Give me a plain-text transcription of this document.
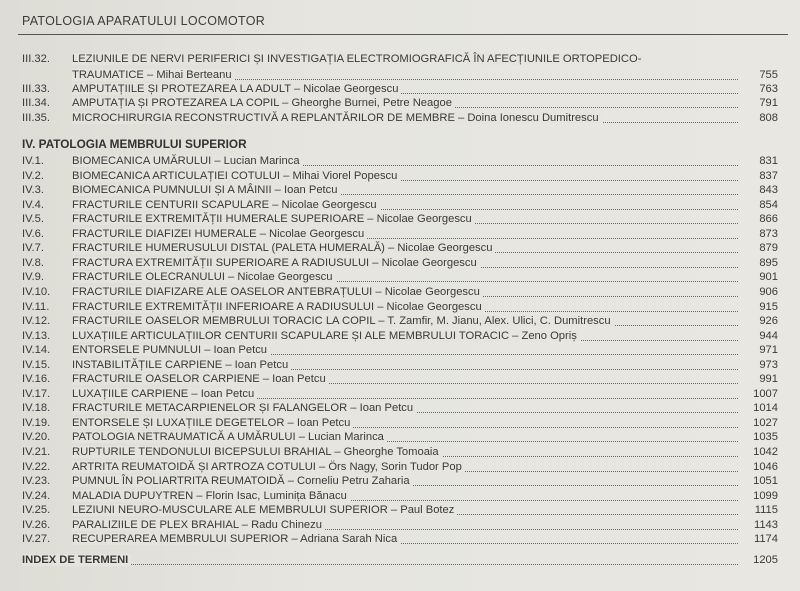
PATOLOGIA APARATULUI LOCOMOTOR
III.32. LEZIUNILE DE NERVI PERIFERICI ȘI INVESTIGAȚIA ELECTROMIOGRAFICĂ ÎN AFECȚIUNILE ORTOPEDICO-
TRAUMATICE – Mihai Berteanu	755
III.33. AMPUTAȚIILE ȘI PROTEZAREA LA ADULT – Nicolae Georgescu	763
III.34. AMPUTAȚIA ȘI PROTEZAREA LA COPIL – Gheorghe Burnei, Petre Neagoe	791
III.35. MICROCHIRURGIA RECONSTRUCTIVĂ A REPLANTĂRILOR DE MEMBRE – Doina Ionescu Dumitrescu	808
IV. PATOLOGIA MEMBRULUI SUPERIOR
IV.1.	BIOMECANICA UMĂRULUI – Lucian Marinca	831
IV.2.	BIOMECANICA ARTICULAȚIEI COTULUI – Mihai Viorel Popescu	837
IV.3.	BIOMECANICA PUMNULUI ȘI A MÂINII – Ioan Petcu	843
IV.4.	FRACTURILE CENTURII SCAPULARE – Nicolae Georgescu	854
IV.5.	FRACTURILE EXTREMITĂȚII HUMERALE SUPERIOARE – Nicolae Georgescu	866
IV.6.	FRACTURILE DIAFIZEI HUMERALE – Nicolae Georgescu	873
IV.7.	FRACTURILE HUMERUSULUI DISTAL (PALETA HUMERALĂ) – Nicolae Georgescu	879
IV.8.	FRACTURA EXTREMITĂȚII SUPERIOARE A RADIUSULUI – Nicolae Georgescu	895
IV.9.	FRACTURILE OLECRANULUI – Nicolae Georgescu	901
IV.10. FRACTURILE DIAFIZARE ALE OASELOR ANTEBRAȚULUI – Nicolae Georgescu	906
IV.11. FRACTURILE EXTREMITĂȚII INFERIOARE A RADIUSULUI – Nicolae Georgescu	915
IV.12. FRACTURILE OASELOR MEMBRULUI TORACIC LA COPIL – T. Zamfir, M. Jianu, Alex. Ulici, C. Dumitrescu	926
IV.13. LUXAȚIILE ARTICULAȚIILOR CENTURII SCAPULARE ȘI ALE MEMBRULUI TORACIC – Zeno Opriș	944
IV.14. ENTORSELE PUMNULUI – Ioan Petcu	971
IV.15. INSTABILITĂȚILE CARPIENE – Ioan Petcu	973
IV.16. FRACTURILE OASELOR CARPIENE – Ioan Petcu	991
IV.17. LUXAȚIILE CARPIENE – Ioan Petcu	1007
IV.18. FRACTURILE METACARPIENELOR ȘI FALANGELOR – Ioan Petcu	1014
IV.19. ENTORSELE ȘI LUXAȚIILE DEGETELOR – Ioan Petcu	1027
IV.20. PATOLOGIA NETRAUMATICĂ A UMĂRULUI – Lucian Marinca	1035
IV.21. RUPTURILE TENDONULUI BICEPSULUI BRAHIAL – Gheorghe Tomoaia	1042
IV.22. ARTRITA REUMATOIDĂ ȘI ARTROZA COTULUI – Örs Nagy, Sorin Tudor Pop	1046
IV.23. PUMNUL ÎN POLIARTRITA REUMATOIDĂ – Corneliu Petru Zaharia	1051
IV.24. MALADIA DUPUYTREN – Florin Isac, Luminița Bănacu	1099
IV.25. LEZIUNI NEURO-MUSCULARE ALE MEMBRULUI SUPERIOR – Paul Botez	1115
IV.26. PARALIZIILE DE PLEX BRAHIAL – Radu Chinezu	1143
IV.27. RECUPERAREA MEMBRULUI SUPERIOR – Adriana Sarah Nica	1174
INDEX DE TERMENI	1205
